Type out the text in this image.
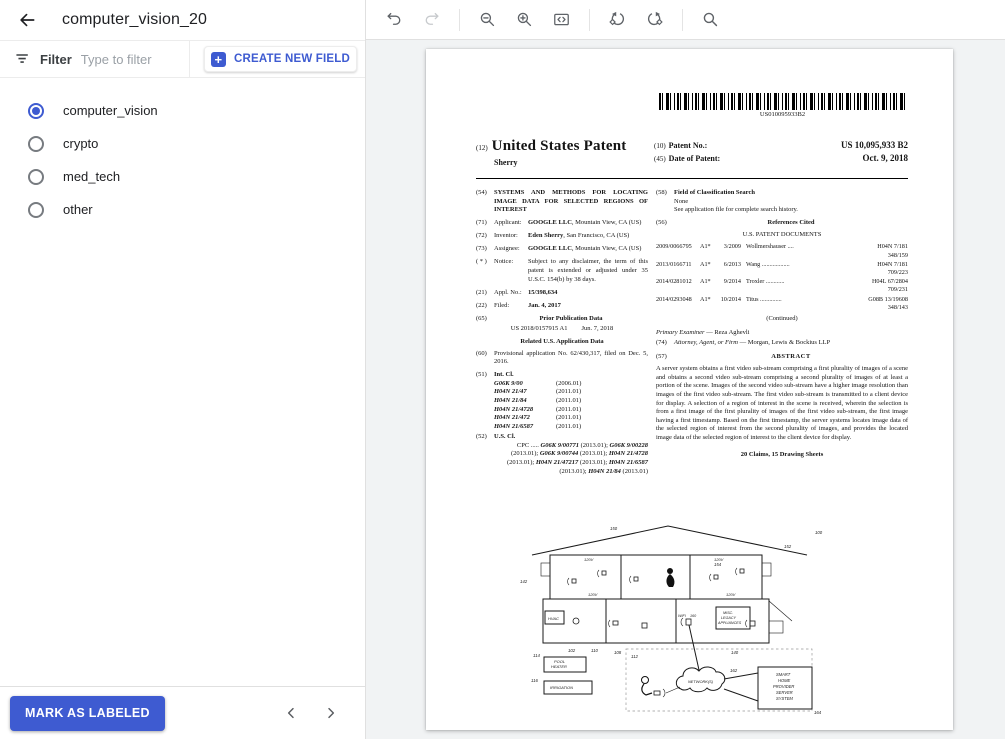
computer_vision_20
Filter
Type to filter	+	CREATE NEW FIELD
computer_vision
crypto
med_tech
other
MARK AS LABELED
US010095933B2
(12) United States Patent
Sherry
(10) Patent No.:	US 10,095,933 B2
(45) Date of Patent:	Oct. 9, 2018
(54)	SYSTEMS AND METHODS FOR LOCATING IMAGE DATA FOR SELECTED REGIONS OF INTEREST
(71)	Applicant: GOOGLE LLC, Mountain View, CA (US)
(72)	Inventor: Eden Sherry, San Francisco, CA (US)
(73)	Assignee: GOOGLE LLC, Mountain View, CA (US)
( * )	Notice:	Subject to any disclaimer, the term of this patent is extended or adjusted under 35 U.S.C. 154(b) by 38 days.
(21)	Appl. No.: 15/398,634
(22)	Filed:	Jan. 4, 2017
(65)	Prior Publication Data
US 2018/0157915 A1 Jun. 7, 2018
Related U.S. Application Data
(60)	Provisional application No. 62/430,317, filed on Dec. 5, 2016.
(51)	Int. Cl.
G06K 9/00	(2006.01)
H04N 21/47	(2011.01)
H04N 21/84	(2011.01)
H04N 21/4728	(2011.01)
H04N 21/472	(2011.01)
H04N 21/6587	(2011.01)
(52)	U.S. Cl.
CPC ..... G06K 9/00771 (2013.01); G06K 9/00228 (2013.01); G06K 9/00744 (2013.01); H04N 21/4728 (2013.01); H04N 21/47217 (2013.01); H04N 21/6587 (2013.01); H04N 21/84 (2013.01)
(58)	Field of Classification Search
None
See application file for complete search history.
(56)	References Cited
U.S. PATENT DOCUMENTS
2009/0066795	A1*	3/2009 Wollmershauser ....	H04N 7/181
348/159
2013/0166711	A1*	6/2013 Wang ..................	H04N 7/181
709/223
2014/0281012	A1*	9/2014 Troxler ............	H04L 67/2804
709/231
2014/0293048	A1*	10/2014 Titus ..............	G08B 13/19608
348/143
(Continued)
Primary Examiner — Reza Aghevli
(74)	Attorney, Agent, or Firm — Morgan, Lewis & Bockius LLP
(57)	ABSTRACT
A server system obtains a first video sub-stream comprising a first plurality of images of a scene and obtains a second video sub-stream comprising a second plurality of images of at least a portion of the scene. Images of the second video sub-stream have a higher image resolution than images of the first video sub-stream. The first video sub-stream is transmitted to a client device for display. A selection of a region of interest in the scene is received, wherein the selection is from a first image of the first plurality of images of the first video sub-stream, the first image having a first timestamp. Based on the first timestamp, the server systems locates image data of the selected region of interest from the second plurality of images, and provides the located image data of the selected region of interest to the client device for display.
20 Claims, 15 Drawing Sheets
150
100
152
154
142
120V	120V
120V	120V
HVAC
MISC.
LEGACY
APPLIANCES
WIFI 160
102	110	108
112
140
114
116
POOL
HEATER
IRRIGATION
NETWORK(S)
162
SMART
HOME
PROVIDER
SERVER
SYSTEM
164
